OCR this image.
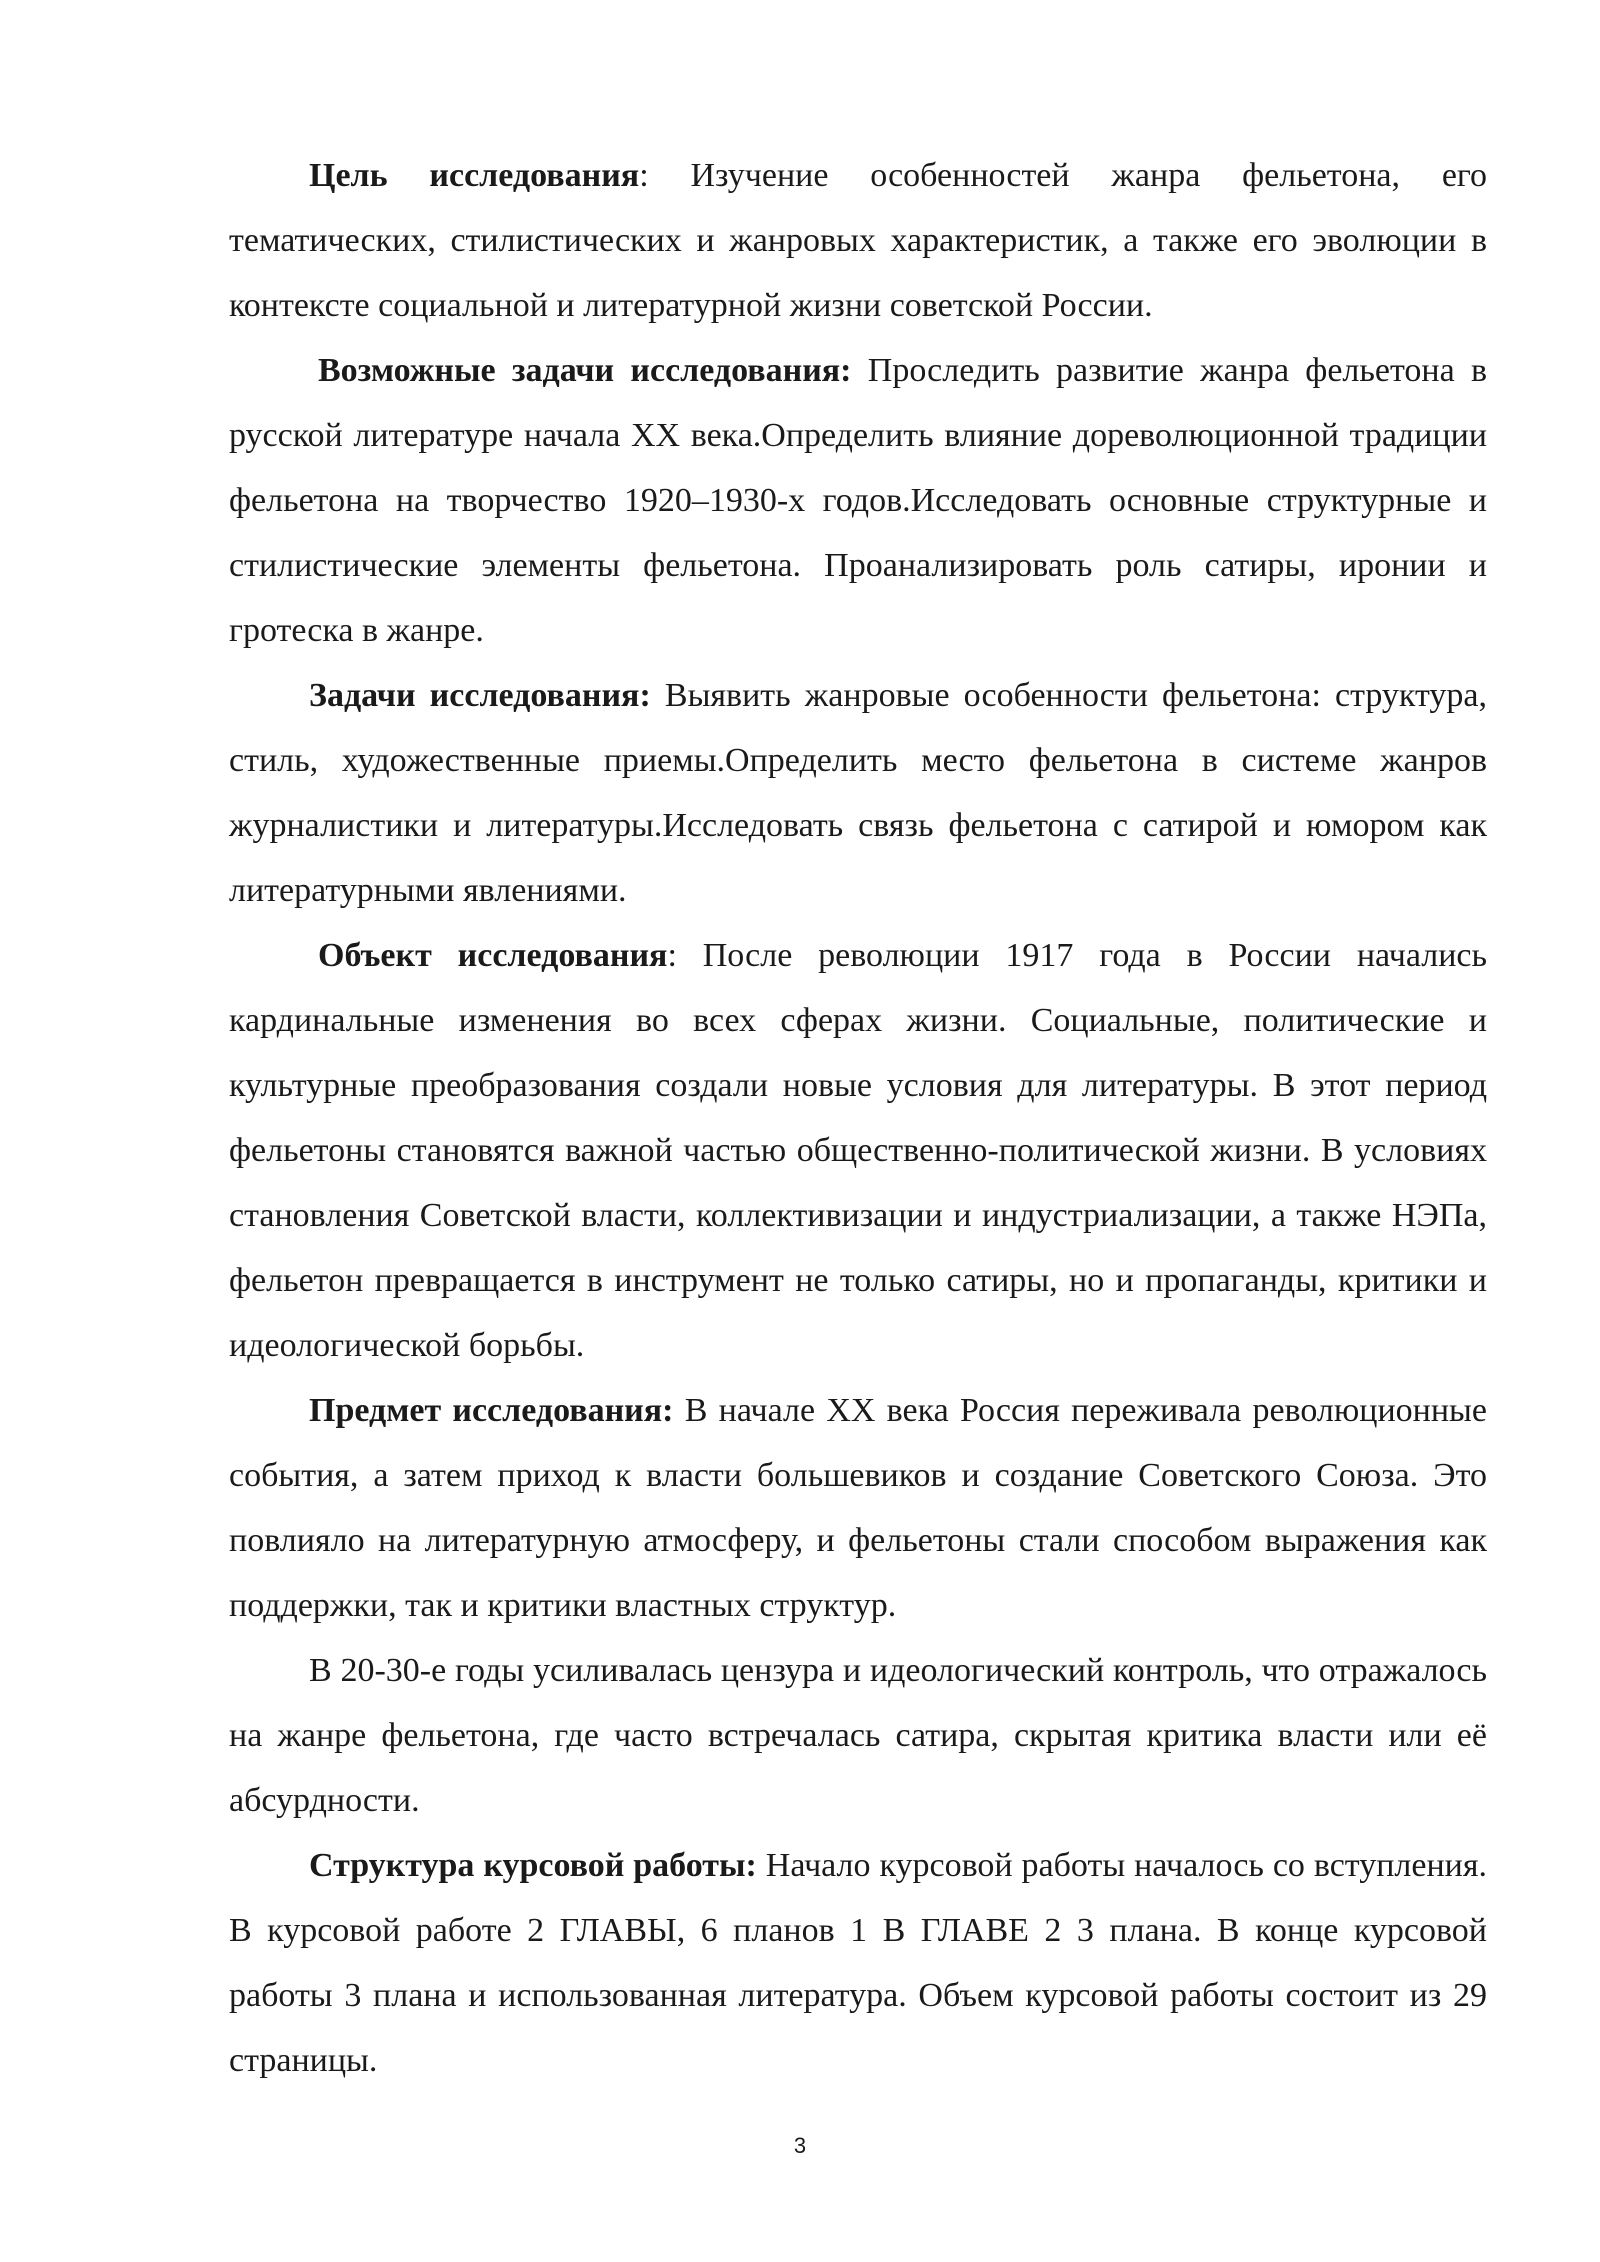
Цель исследования: Изучение особенностей жанра фельетона, его тематических, стилистических и жанровых характеристик, а также его эволюции в контексте социальной и литературной жизни советской России.

Возможные задачи исследования: Проследить развитие жанра фельетона в русской литературе начала XX века.Определить влияние дореволюционной традиции фельетона на творчество 1920–1930-х годов.Исследовать основные структурные и стилистические элементы фельетона. Проанализировать роль сатиры, иронии и гротеска в жанре.

Задачи исследования: Выявить жанровые особенности фельетона: структура, стиль, художественные приемы.Определить место фельетона в системе жанров журналистики и литературы.Исследовать связь фельетона с сатирой и юмором как литературными явлениями.

Объект исследования: После революции 1917 года в России начались кардинальные изменения во всех сферах жизни. Социальные, политические и культурные преобразования создали новые условия для литературы. В этот период фельетоны становятся важной частью общественно-политической жизни. В условиях становления Советской власти, коллективизации и индустриализации, а также НЭПа, фельетон превращается в инструмент не только сатиры, но и пропаганды, критики и идеологической борьбы.

Предмет исследования: В начале XX века Россия переживала революционные события, а затем приход к власти большевиков и создание Советского Союза. Это повлияло на литературную атмосферу, и фельетоны стали способом выражения как поддержки, так и критики властных структур.

В 20-30-е годы усиливалась цензура и идеологический контроль, что отражалось на жанре фельетона, где часто встречалась сатира, скрытая критика власти или её абсурдности.

Структура курсовой работы: Начало курсовой работы началось со вступления. В курсовой работе 2 ГЛАВЫ, 6 планов 1 В ГЛАВЕ 2 3 плана. В конце курсовой работы 3 плана и использованная литература. Объем курсовой работы состоит из 29 страницы.

3
